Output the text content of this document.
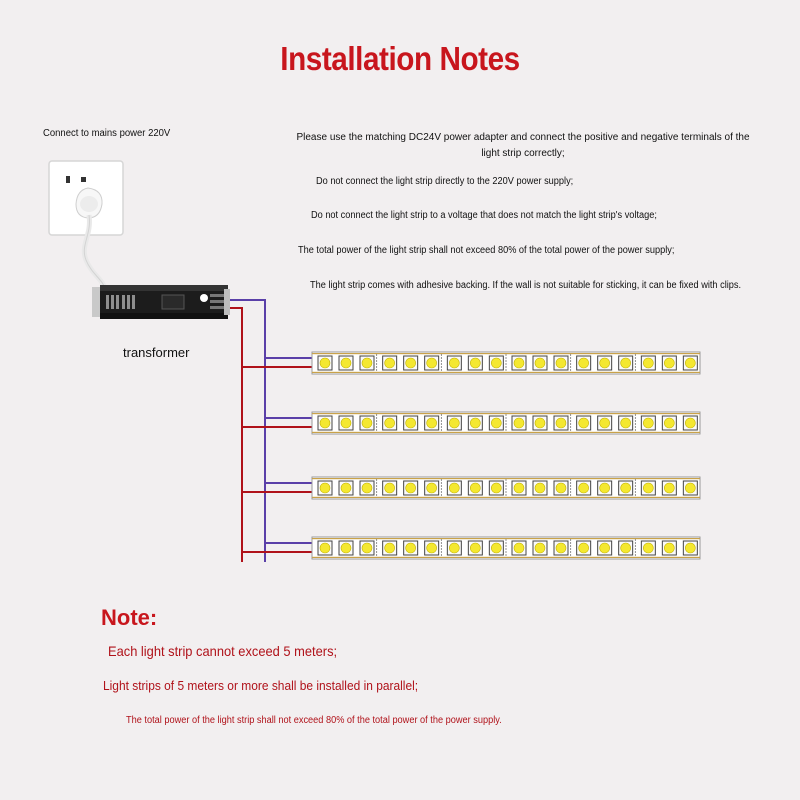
Installation Notes
Connect to mains power 220V	Please use the matching DC24V power adapter and connect the positive and negative terminals of the light strip correctly;
Do not connect the light strip directly to the 220V power supply;
Do not connect the light strip to a voltage that does not match the light strip's voltage;
The total power of the light strip shall not exceed 80% of the total power of the power supply;
The light strip comes with adhesive backing. If the wall is not suitable for sticking, it can be fixed with clips.
transformer
Note:
Each light strip cannot exceed 5 meters;
Light strips of 5 meters or more shall be installed in parallel;
The total power of the light strip shall not exceed 80% of the total power of the power supply.
